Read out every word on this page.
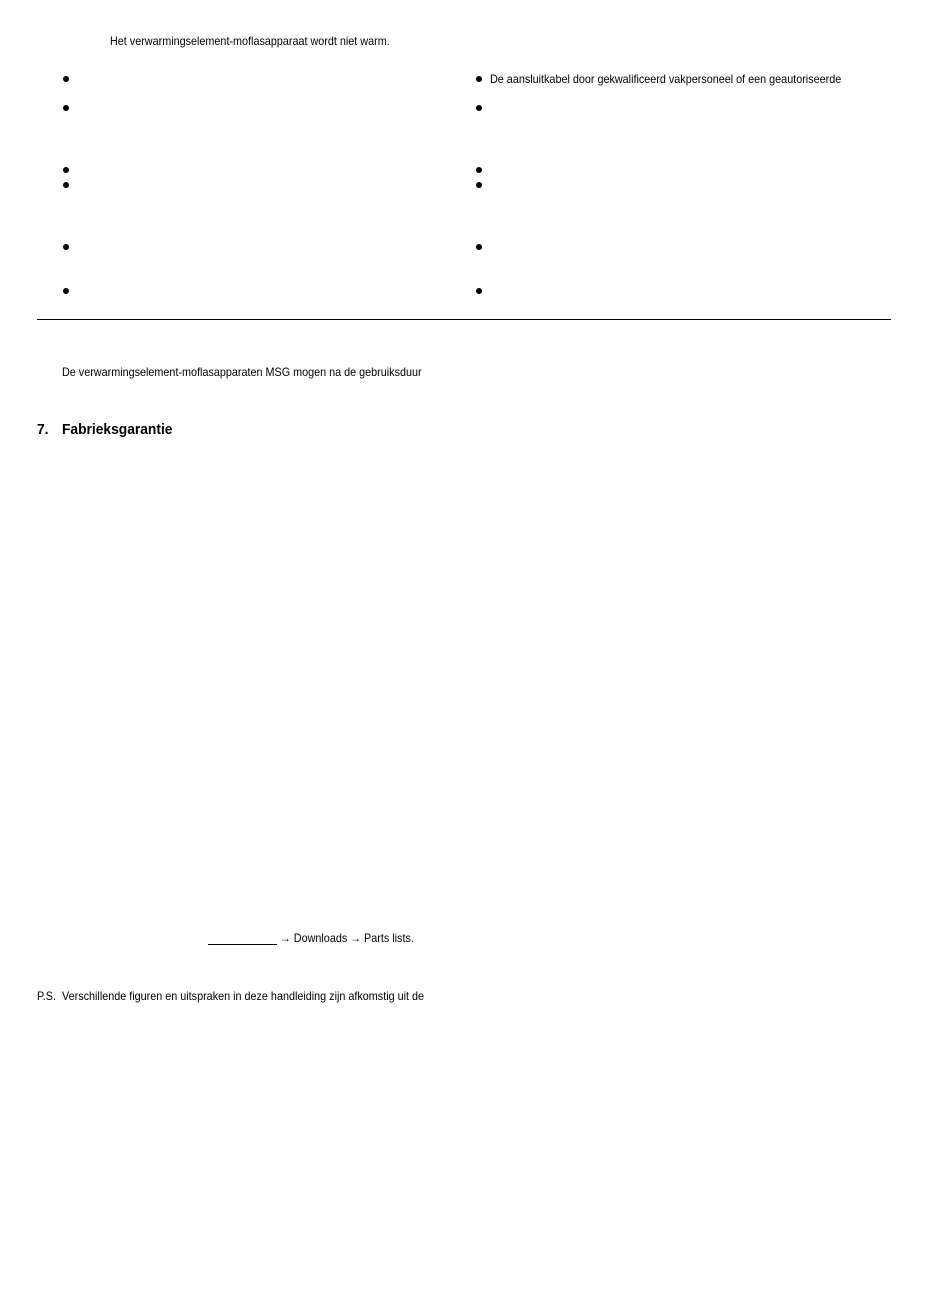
Het verwarmingselement-moflasapparaat wordt niet warm.
De aansluitkabel door gekwalificeerd vakpersoneel of een geautoriseerde
De verwarmingselement-moflasapparaten MSG mogen na de gebruiksduur
7. Fabrieksgarantie
→ Downloads → Parts lists.
P.S. Verschillende figuren en uitspraken in deze handleiding zijn afkomstig uit de
